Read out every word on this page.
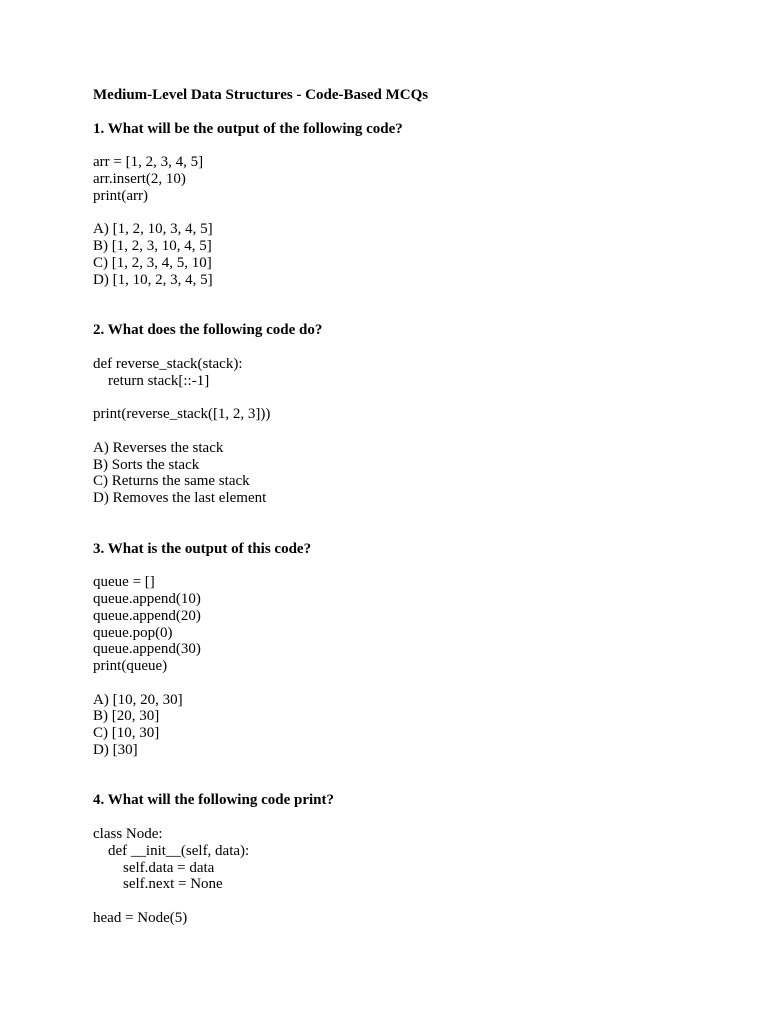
Medium-Level Data Structures - Code-Based MCQs
1. What will be the output of the following code?
arr = [1, 2, 3, 4, 5]
arr.insert(2, 10)
print(arr)
A) [1, 2, 10, 3, 4, 5]
B) [1, 2, 3, 10, 4, 5]
C) [1, 2, 3, 4, 5, 10]
D) [1, 10, 2, 3, 4, 5]
2. What does the following code do?
def reverse_stack(stack):
return stack[::-1]
print(reverse_stack([1, 2, 3]))
A) Reverses the stack
B) Sorts the stack
C) Returns the same stack
D) Removes the last element
3. What is the output of this code?
queue = []
queue.append(10)
queue.append(20)
queue.pop(0)
queue.append(30)
print(queue)
A) [10, 20, 30]
B) [20, 30]
C) [10, 30]
D) [30]
4. What will the following code print?
class Node:
def __init__(self, data):
self.data = data
self.next = None
head = Node(5)
